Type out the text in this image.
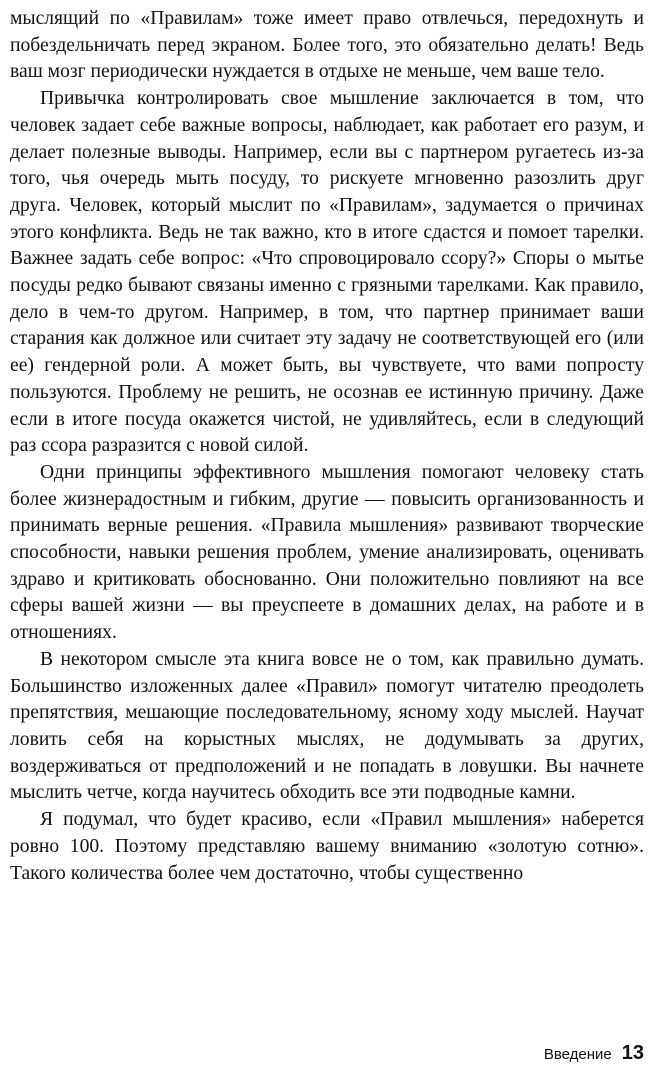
мыслящий по «Правилам» тоже имеет право отвлечься, передохнуть и побездельничать перед экраном. Более того, это обязательно делать! Ведь ваш мозг периодически нуждается в отдыхе не меньше, чем ваше тело.

Привычка контролировать свое мышление заключается в том, что человек задает себе важные вопросы, наблюдает, как работает его разум, и делает полезные выводы. Например, если вы с партнером ругаетесь из-за того, чья очередь мыть посуду, то рискуете мгновенно разозлить друг друга. Человек, который мыслит по «Правилам», задумается о причинах этого конфликта. Ведь не так важно, кто в итоге сдастся и помоет тарелки. Важнее задать себе вопрос: «Что спровоцировало ссору?» Споры о мытье посуды редко бывают связаны именно с грязными тарелками. Как правило, дело в чем-то другом. Например, в том, что партнер принимает ваши старания как должное или считает эту задачу не соответствующей его (или ее) гендерной роли. А может быть, вы чувствуете, что вами попросту пользуются. Проблему не решить, не осознав ее истинную причину. Даже если в итоге посуда окажется чистой, не удивляйтесь, если в следующий раз ссора разразится с новой силой.

Одни принципы эффективного мышления помогают человеку стать более жизнерадостным и гибким, другие — повысить организованность и принимать верные решения. «Правила мышления» развивают творческие способности, навыки решения проблем, умение анализировать, оценивать здраво и критиковать обоснованно. Они положительно повлияют на все сферы вашей жизни — вы преуспеете в домашних делах, на работе и в отношениях.

В некотором смысле эта книга вовсе не о том, как правильно думать. Большинство изложенных далее «Правил» помогут читателю преодолеть препятствия, мешающие последовательному, ясному ходу мыслей. Научат ловить себя на корыстных мыслях, не додумывать за других, воздерживаться от предположений и не попадать в ловушки. Вы начнете мыслить четче, когда научитесь обходить все эти подводные камни.

Я подумал, что будет красиво, если «Правил мышления» наберется ровно 100. Поэтому представляю вашему вниманию «золотую сотню». Такого количества более чем достаточно, чтобы существенно

Введение 13
